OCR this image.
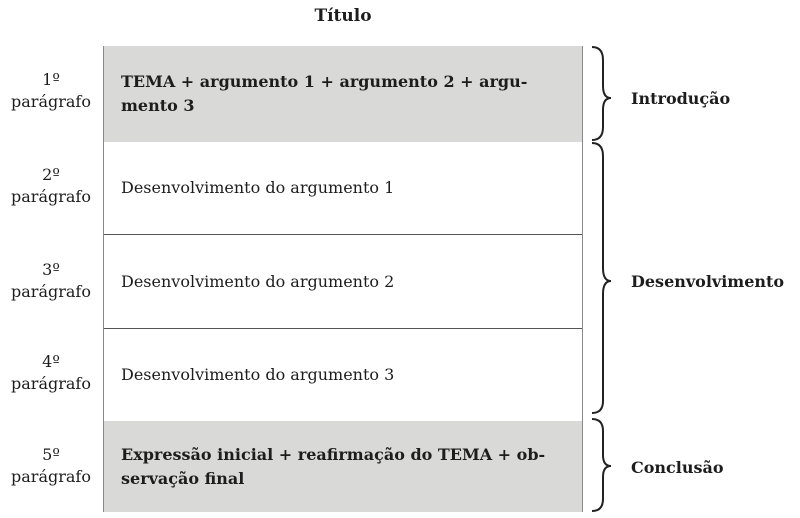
Título
1º
parágrafo
2º
parágrafo
3º
parágrafo
4º
parágrafo
5º
parágrafo
TEMA + argumento 1 + argumento 2 + argu- mento 3
Desenvolvimento do argumento 1
Desenvolvimento do argumento 2
Desenvolvimento do argumento 3
Expressão inicial + reafirmação do TEMA + ob- servação final
Introdução
Desenvolvimento
Conclusão
